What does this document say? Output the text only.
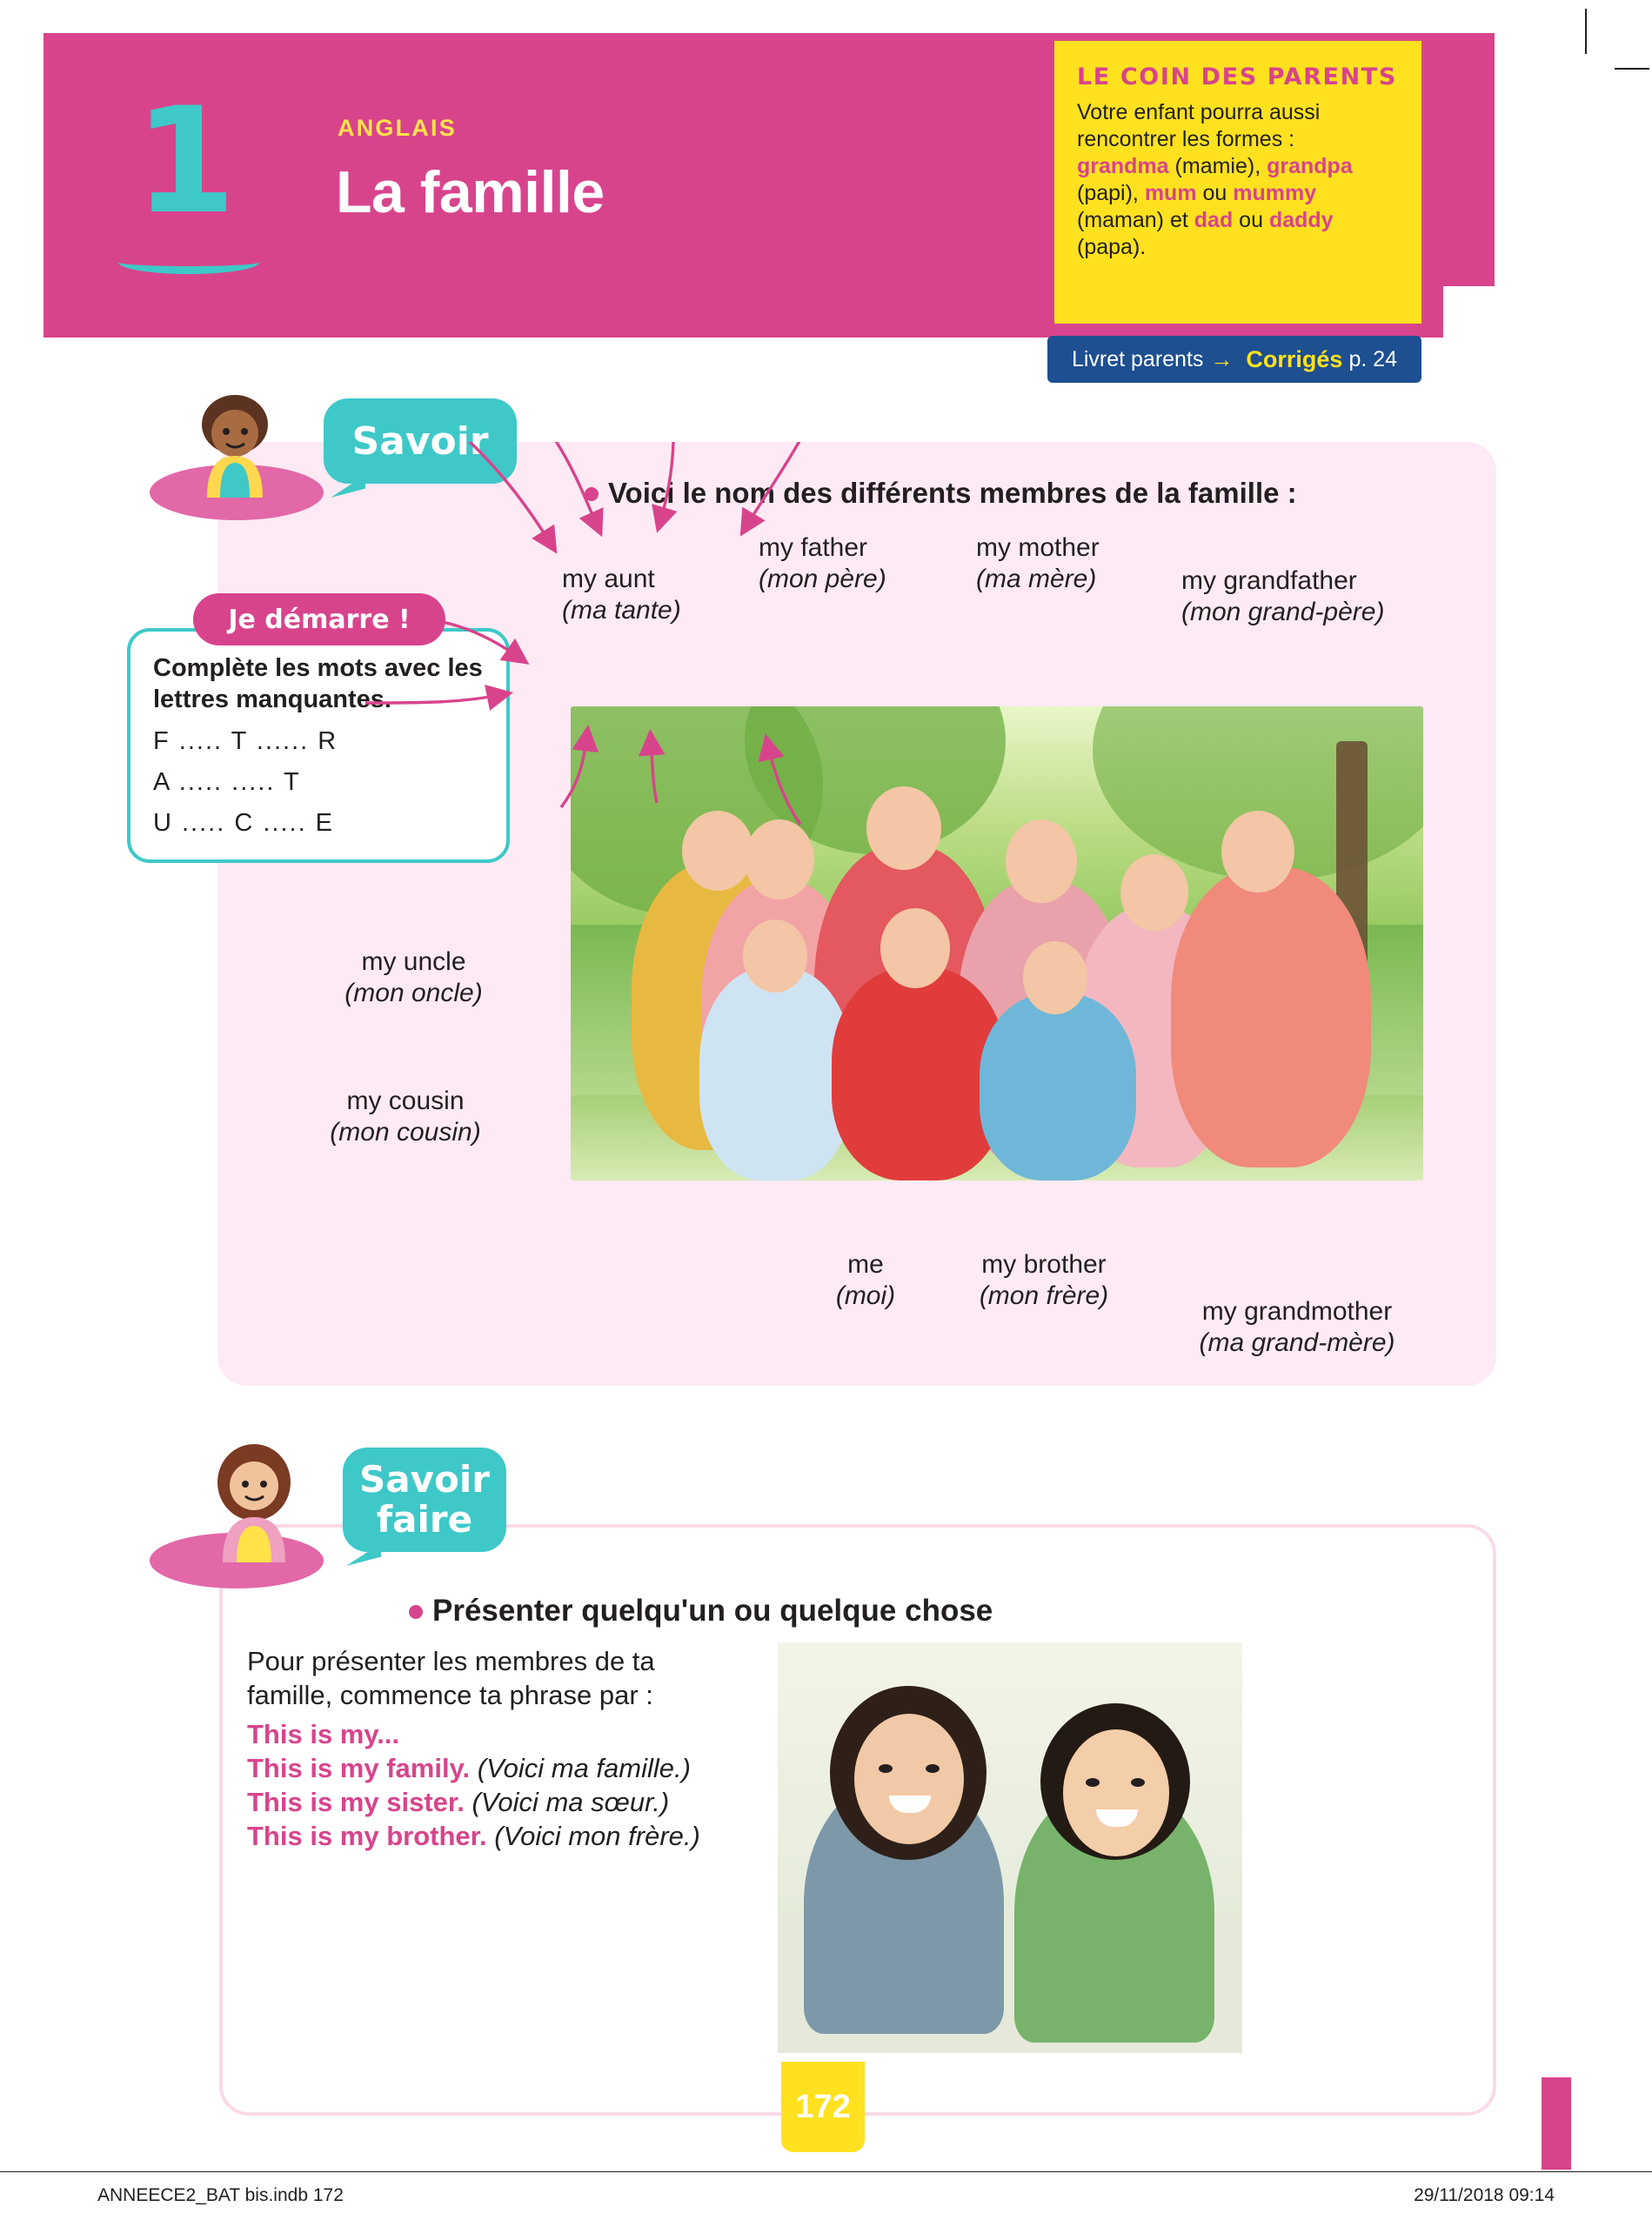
1	ANGLAIS
La famille
LE COIN DES PARENTS
Votre enfant pourra aussi rencontrer les formes :
grandma (mamie), grandpa
(papi), mum ou mummy
(maman) et dad ou daddy
(papa).
Livret parents → Corrigés p. 24
Savoir
Voici le nom des différents membres de la famille :
Je démarre !
Complète les mots avec les lettres manquantes.
F ..... T ...... R
A ..... ..... T
U ..... C ..... E
my aunt
(ma tante)
my father
(mon père)
my mother
(ma mère)	my grandfather
(mon grand-père)
my uncle
(mon oncle)
my cousin
(mon cousin)
me
(moi)
my brother
(mon frère)
my grandmother
(ma grand-mère)
Savoir
faire
Présenter quelqu'un ou quelque chose
Pour présenter les membres de ta famille, commence ta phrase par :
This is my...
This is my family. (Voici ma famille.)
This is my sister. (Voici ma sœur.)
This is my brother. (Voici mon frère.)
172
ANNEECE2_BAT bis.indb 172	29/11/2018 09:14
